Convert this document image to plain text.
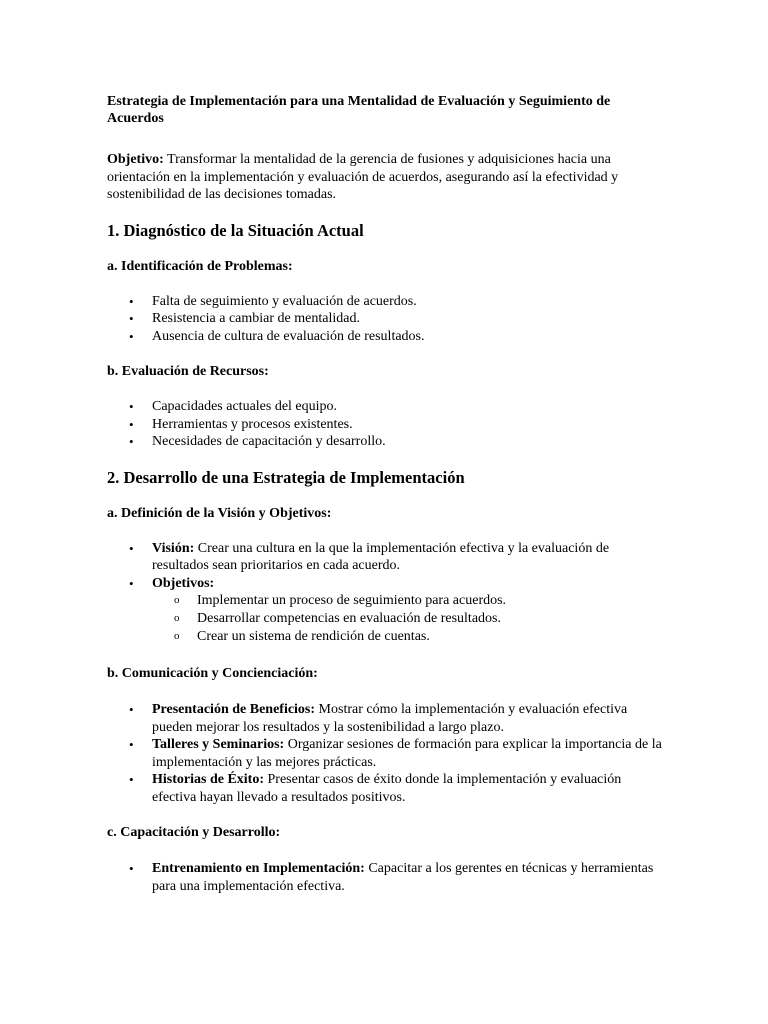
Estrategia de Implementación para una Mentalidad de Evaluación y Seguimiento de Acuerdos

Objetivo: Transformar la mentalidad de la gerencia de fusiones y adquisiciones hacia una orientación en la implementación y evaluación de acuerdos, asegurando así la efectividad y sostenibilidad de las decisiones tomadas.

1. Diagnóstico de la Situación Actual
a. Identificación de Problemas:
• Falta de seguimiento y evaluación de acuerdos.
• Resistencia a cambiar de mentalidad.
• Ausencia de cultura de evaluación de resultados.
b. Evaluación de Recursos:
• Capacidades actuales del equipo.
• Herramientas y procesos existentes.
• Necesidades de capacitación y desarrollo.
2. Desarrollo de una Estrategia de Implementación
a. Definición de la Visión y Objetivos:
• Visión: Crear una cultura en la que la implementación efectiva y la evaluación de resultados sean prioritarios en cada acuerdo.
• Objetivos:
o Implementar un proceso de seguimiento para acuerdos.
o Desarrollar competencias en evaluación de resultados.
o Crear un sistema de rendición de cuentas.
b. Comunicación y Concienciación:
• Presentación de Beneficios: Mostrar cómo la implementación y evaluación efectiva pueden mejorar los resultados y la sostenibilidad a largo plazo.
• Talleres y Seminarios: Organizar sesiones de formación para explicar la importancia de la implementación y las mejores prácticas.
• Historias de Éxito: Presentar casos de éxito donde la implementación y evaluación efectiva hayan llevado a resultados positivos.
c. Capacitación y Desarrollo:
• Entrenamiento en Implementación: Capacitar a los gerentes en técnicas y herramientas para una implementación efectiva.
